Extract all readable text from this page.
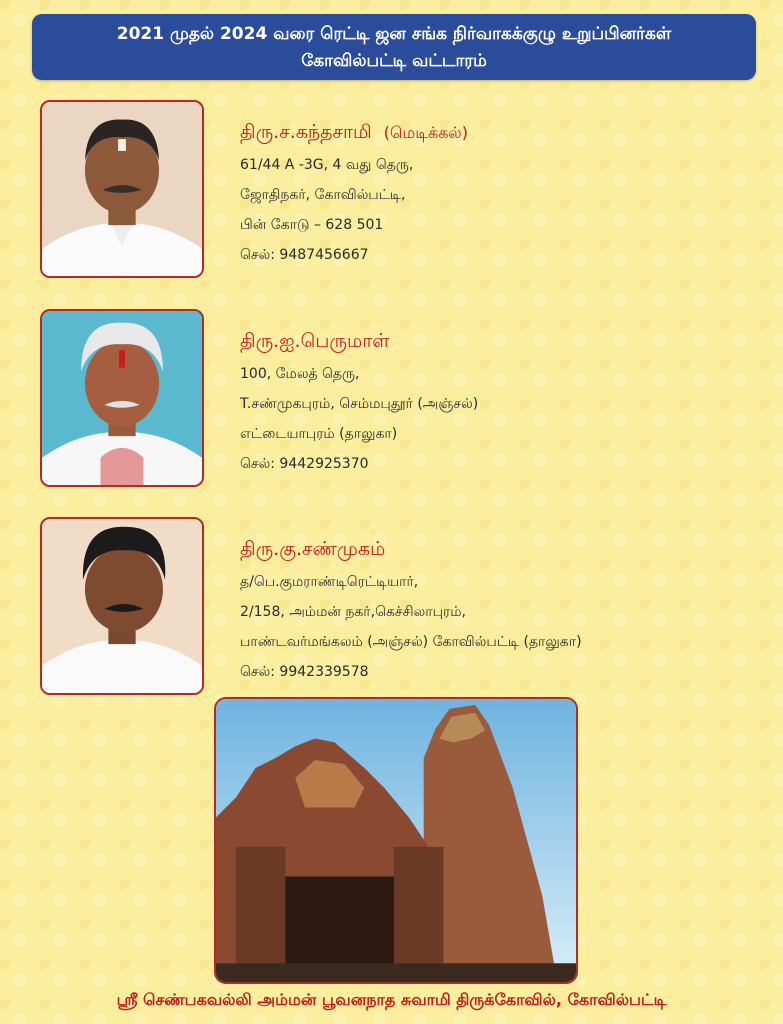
2021 முதல் 2024 வரை ரெட்டி ஜன சங்க நிர்வாகக்குழு உறுப்பினர்கள்
கோவில்பட்டி வட்டாரம்
திரு.ச.கந்தசாமி (மெடிக்கல்)
61/44 A -3G, 4 வது தெரு,
ஜோதிநகர், கோவில்பட்டி,
பின் கோடு – 628 501
செல்: 9487456667
திரு.ஐ.பெருமாள்
100, மேலத் தெரு,
T.சண்முகபுரம், செம்மபுதூர் (அஞ்சல்)
எட்டையாபுரம் (தாலுகா)
செல்: 9442925370
திரு.கு.சண்முகம்
த/பெ.குமராண்டிரெட்டியார்,
2/158, அம்மன் நகர்,கெச்சிலாபுரம்,
பாண்டவர்மங்கலம் (அஞ்சல்) கோவில்பட்டி (தாலுகா)
செல்: 9942339578
ஸ்ரீ செண்பகவல்லி அம்மன் பூவனநாத சுவாமி திருக்கோவில், கோவில்பட்டி
